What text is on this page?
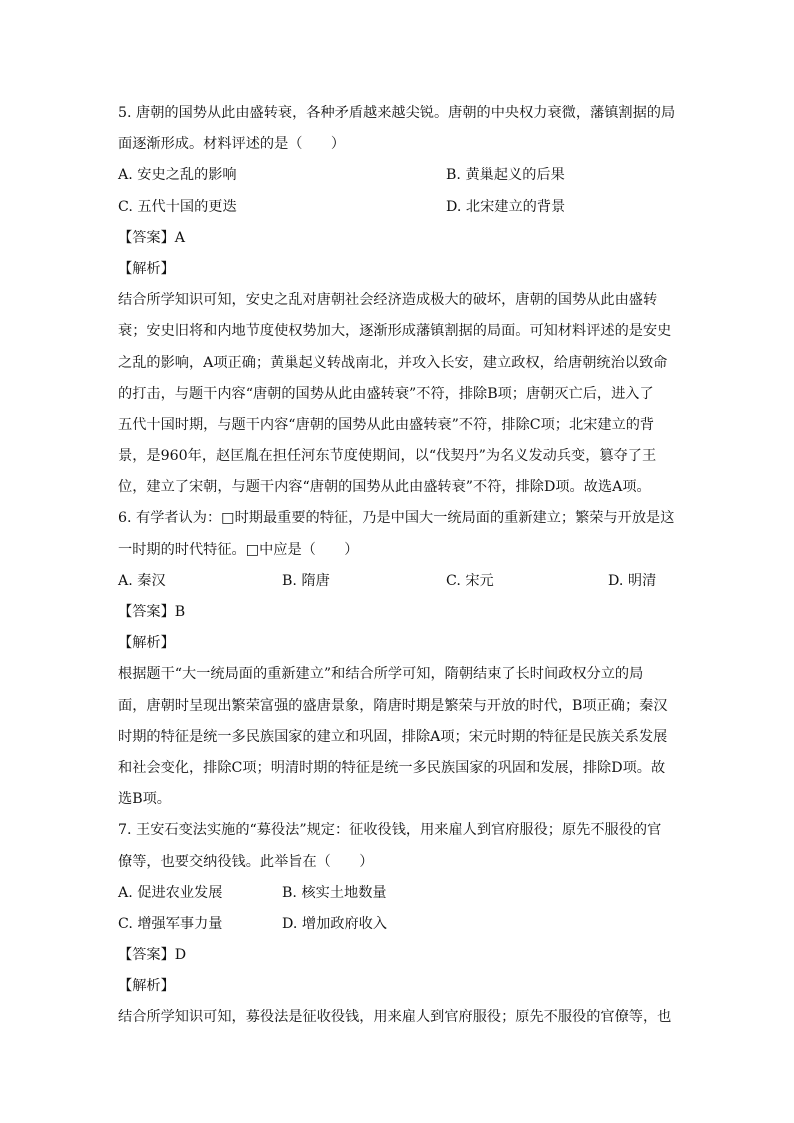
5. 唐朝的国势从此由盛转衰，各种矛盾越来越尖锐。唐朝的中央权力衰微，藩镇割据的局
面逐渐形成。材料评述的是（　　）
A. 安史之乱的影响	B. 黄巢起义的后果
C. 五代十国的更迭	D. 北宋建立的背景
【答案】A
【解析】
结合所学知识可知，安史之乱对唐朝社会经济造成极大的破坏，唐朝的国势从此由盛转
衰；安史旧将和内地节度使权势加大，逐渐形成藩镇割据的局面。可知材料评述的是安史
之乱的影响，A项正确；黄巢起义转战南北，并攻入长安，建立政权，给唐朝统治以致命
的打击，与题干内容“唐朝的国势从此由盛转衰”不符，排除B项；唐朝灭亡后，进入了
五代十国时期，与题干内容“唐朝的国势从此由盛转衰”不符，排除C项；北宋建立的背
景，是960年，赵匡胤在担任河东节度使期间，以“伐契丹”为名义发动兵变，篡夺了王
位，建立了宋朝，与题干内容“唐朝的国势从此由盛转衰”不符，排除D项。故选A项。
6. 有学者认为：□时期最重要的特征，乃是中国大一统局面的重新建立；繁荣与开放是这
一时期的时代特征。□中应是（　　）
A. 秦汉	B. 隋唐	C. 宋元	D. 明清
【答案】B
【解析】
根据题干“大一统局面的重新建立”和结合所学可知，隋朝结束了长时间政权分立的局
面，唐朝时呈现出繁荣富强的盛唐景象，隋唐时期是繁荣与开放的时代，B项正确；秦汉
时期的特征是统一多民族国家的建立和巩固，排除A项；宋元时期的特征是民族关系发展
和社会变化，排除C项；明清时期的特征是统一多民族国家的巩固和发展，排除D项。故
选B项。
7. 王安石变法实施的“募役法”规定：征收役钱，用来雇人到官府服役；原先不服役的官
僚等，也要交纳役钱。此举旨在（　　）
A. 促进农业发展	B. 核实土地数量
C. 增强军事力量	D. 增加政府收入
【答案】D
【解析】
结合所学知识可知，募役法是征收役钱，用来雇人到官府服役；原先不服役的官僚等，也
